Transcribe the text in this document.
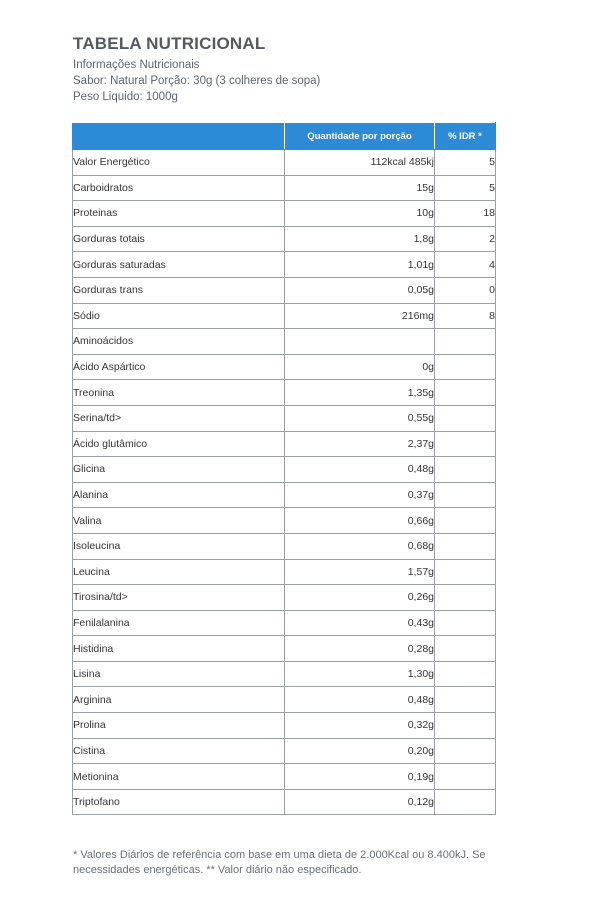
TABELA NUTRICIONAL

Informações Nutricionais

Sabor: Natural Porção: 30g (3 colheres de sopa)

Peso Liquido: 1000g

	Quantidade por porção	% IDR *
Valor Energético	112kcal 485kj	5
Carboidratos	15g	5
Proteinas	10g	18
Gorduras totais	1,8g	2
Gorduras saturadas	1,01g	4
Gorduras trans	0,05g	0
Sódio	216mg	8
Aminoácidos		
Ácido Aspártico	0g	
Treonina	1,35g	
Serina/td>	0,55g	
Ácido glutâmico	2,37g	
Glicina	0,48g	
Alanina	0,37g	
Valina	0,66g	
Isoleucina	0,68g	
Leucina	1,57g	
Tirosina/td>	0,26g	
Fenilalanina	0,43g	
Histidina	0,28g	
Lisina	1,30g	
Arginina	0,48g	
Prolina	0,32g	
Cistina	0,20g	
Metionina	0,19g	
Triptofano	0,12g	
* Valores Diários de referência com base em uma dieta de 2.000Kcal ou 8.400kJ. Se
necessidades energéticas. ** Valor diário não especificado.
